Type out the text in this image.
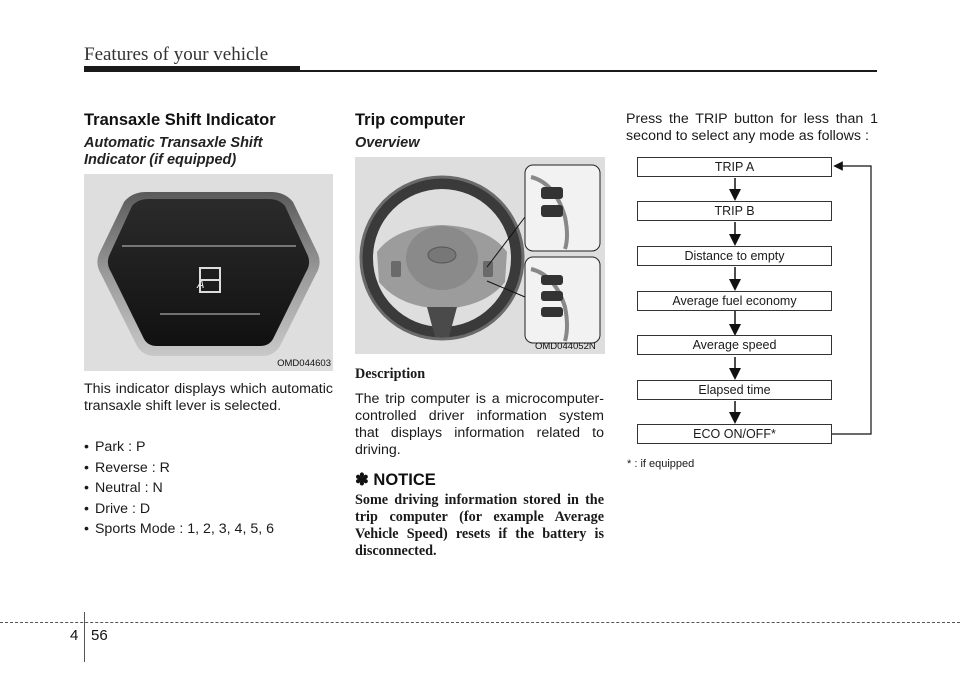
Features of your vehicle
Transaxle Shift Indicator
Automatic Transaxle Shift Indicator (if equipped)
A
OMD044603
This indicator displays which automatic transaxle shift lever is selected.
• Park : P
• Reverse : R
• Neutral : N
• Drive : D
• Sports Mode : 1, 2, 3, 4, 5, 6
Trip computer
Overview
OMD044052N
Description
The trip computer is a microcomputer-controlled driver information system that displays information related to driving.
✽ NOTICE
Some driving information stored in the trip computer (for example Average Vehicle Speed) resets if the battery is disconnected.
Press the TRIP button for less than 1 second to select any mode as follows :
TRIP A
TRIP B
Distance to empty
Average fuel economy
Average speed
Elapsed time
ECO ON/OFF*
* : if equipped
4 56
